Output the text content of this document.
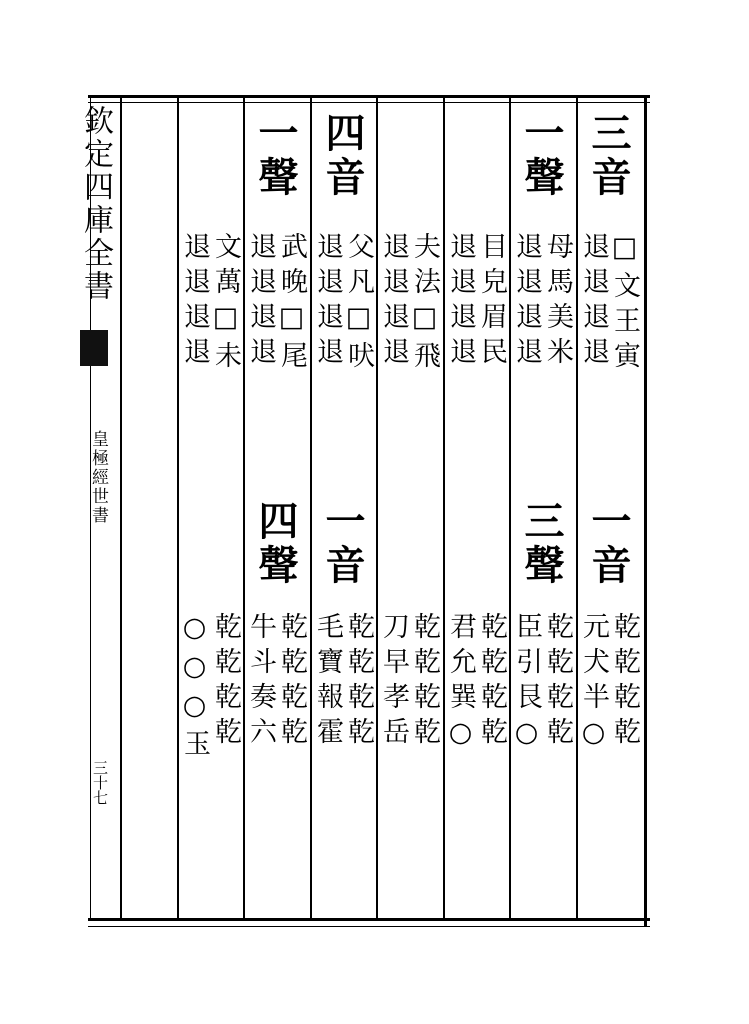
欽定四庫全書
皇極經世書
三十七
三音
□文王寅
退退退退
一音
乾乾乾乾
元犬半○
一聲
母馬美米
退退退退
三聲
乾乾乾乾
臣引艮○
目皃眉民
退退退退
乾乾乾乾
君允巽○
夫法□飛
退退退退
乾乾乾乾
刀早孝岳
四音
父凡□吠
退退退退
一音
乾乾乾乾
毛寶報霍
一聲
武晚□尾
退退退退
四聲
乾乾乾乾
牛斗奏六
文萬□未
退退退退
乾乾乾乾
○○○玉
